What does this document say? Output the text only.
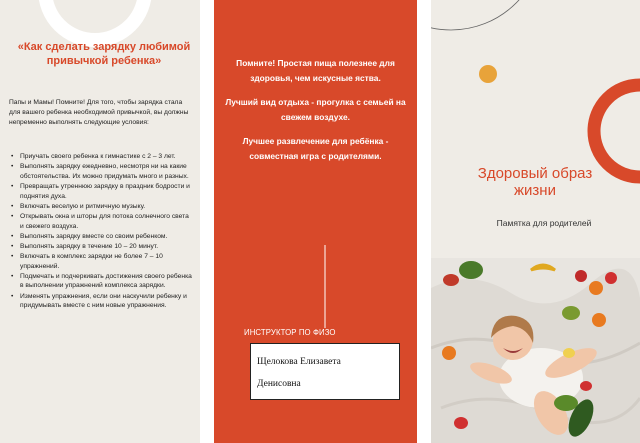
«Как сделать зарядку любимой привычкой ребенка»
Папы и Мамы! Помните! Для того, чтобы зарядка стала для вашего ребенка необходимой привычкой, вы должны непременно выполнять следующие условия:
• Приучать своего ребенка к гимнастике с 2 – 3 лет.
• Выполнять зарядку ежедневно, несмотря ни на какие обстоятельства. Их можно придумать много и разных.
• Превращать утреннюю зарядку в праздник бодрости и поднятия духа.
• Включать веселую и ритмичную музыку.
• Открывать окна и шторы для потока солнечного света и свежего воздуха.
• Выполнять зарядку вместе со своим ребенком.
• Выполнять зарядку в течение 10 – 20 минут.
• Включать в комплекс зарядки не более 7 – 10 упражнений.
• Подмечать и подчеркивать достижения своего ребенка в выполнении упражнений комплекса зарядки.
• Изменять упражнения, если они наскучили ребенку и придумывать вместе с ним новые упражнения.

Помните! Простая пища полезнее для здоровья, чем искусные яства.

Лучший вид отдыха - прогулка с семьей на свежем воздухе.

Лучшее развлечение для ребёнка - совместная игра с родителями.

ИНСТРУКТОР ПО ФИЗО
Щелокова Елизавета
Денисовна
Здоровый образ жизни
Памятка для родителей
